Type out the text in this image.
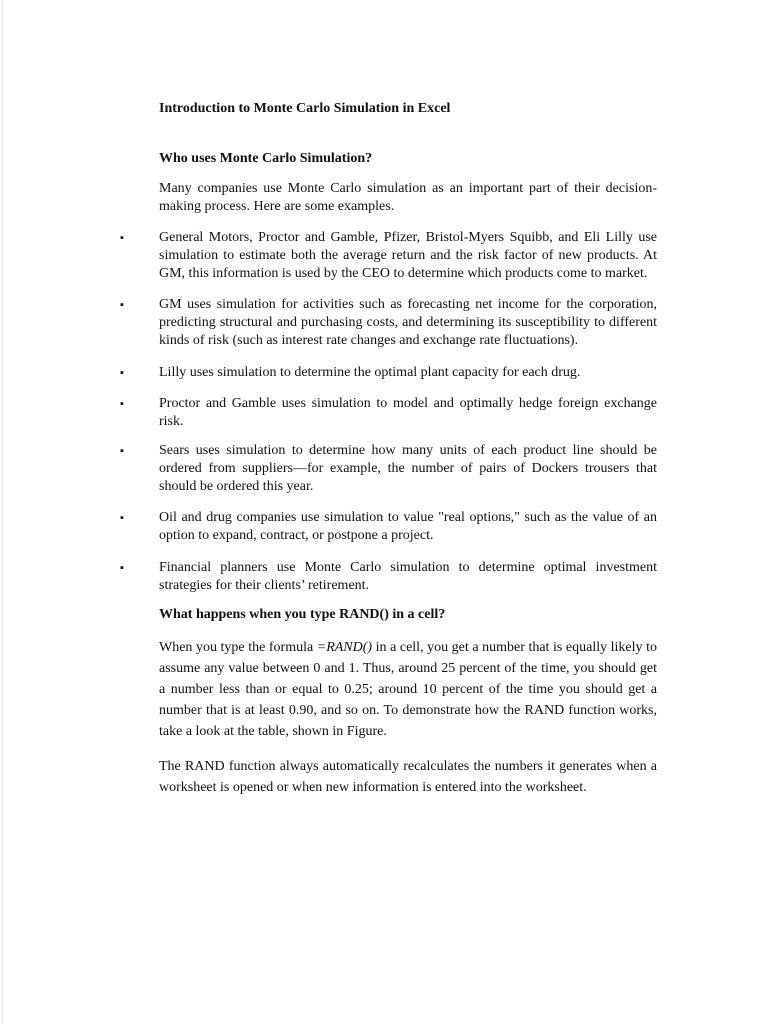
Introduction to Monte Carlo Simulation in Excel

Who uses Monte Carlo Simulation?

Many companies use Monte Carlo simulation as an important part of their decision-making process. Here are some examples.

▪	General Motors, Proctor and Gamble, Pfizer, Bristol-Myers Squibb, and Eli Lilly use simulation to estimate both the average return and the risk factor of new products. At GM, this information is used by the CEO to determine which products come to market.
▪	GM uses simulation for activities such as forecasting net income for the corporation, predicting structural and purchasing costs, and determining its susceptibility to different kinds of risk (such as interest rate changes and exchange rate fluctuations).
▪	Lilly uses simulation to determine the optimal plant capacity for each drug.
▪	Proctor and Gamble uses simulation to model and optimally hedge foreign exchange risk.
▪	Sears uses simulation to determine how many units of each product line should be ordered from suppliers—for example, the number of pairs of Dockers trousers that should be ordered this year.
▪	Oil and drug companies use simulation to value "real options," such as the value of an option to expand, contract, or postpone a project.
▪	Financial planners use Monte Carlo simulation to determine optimal investment strategies for their clients’ retirement.

What happens when you type RAND() in a cell?

When you type the formula =RAND() in a cell, you get a number that is equally likely to assume any value between 0 and 1. Thus, around 25 percent of the time, you should get a number less than or equal to 0.25; around 10 percent of the time you should get a number that is at least 0.90, and so on. To demonstrate how the RAND function works, take a look at the table, shown in Figure.

The RAND function always automatically recalculates the numbers it generates when a worksheet is opened or when new information is entered into the worksheet.
